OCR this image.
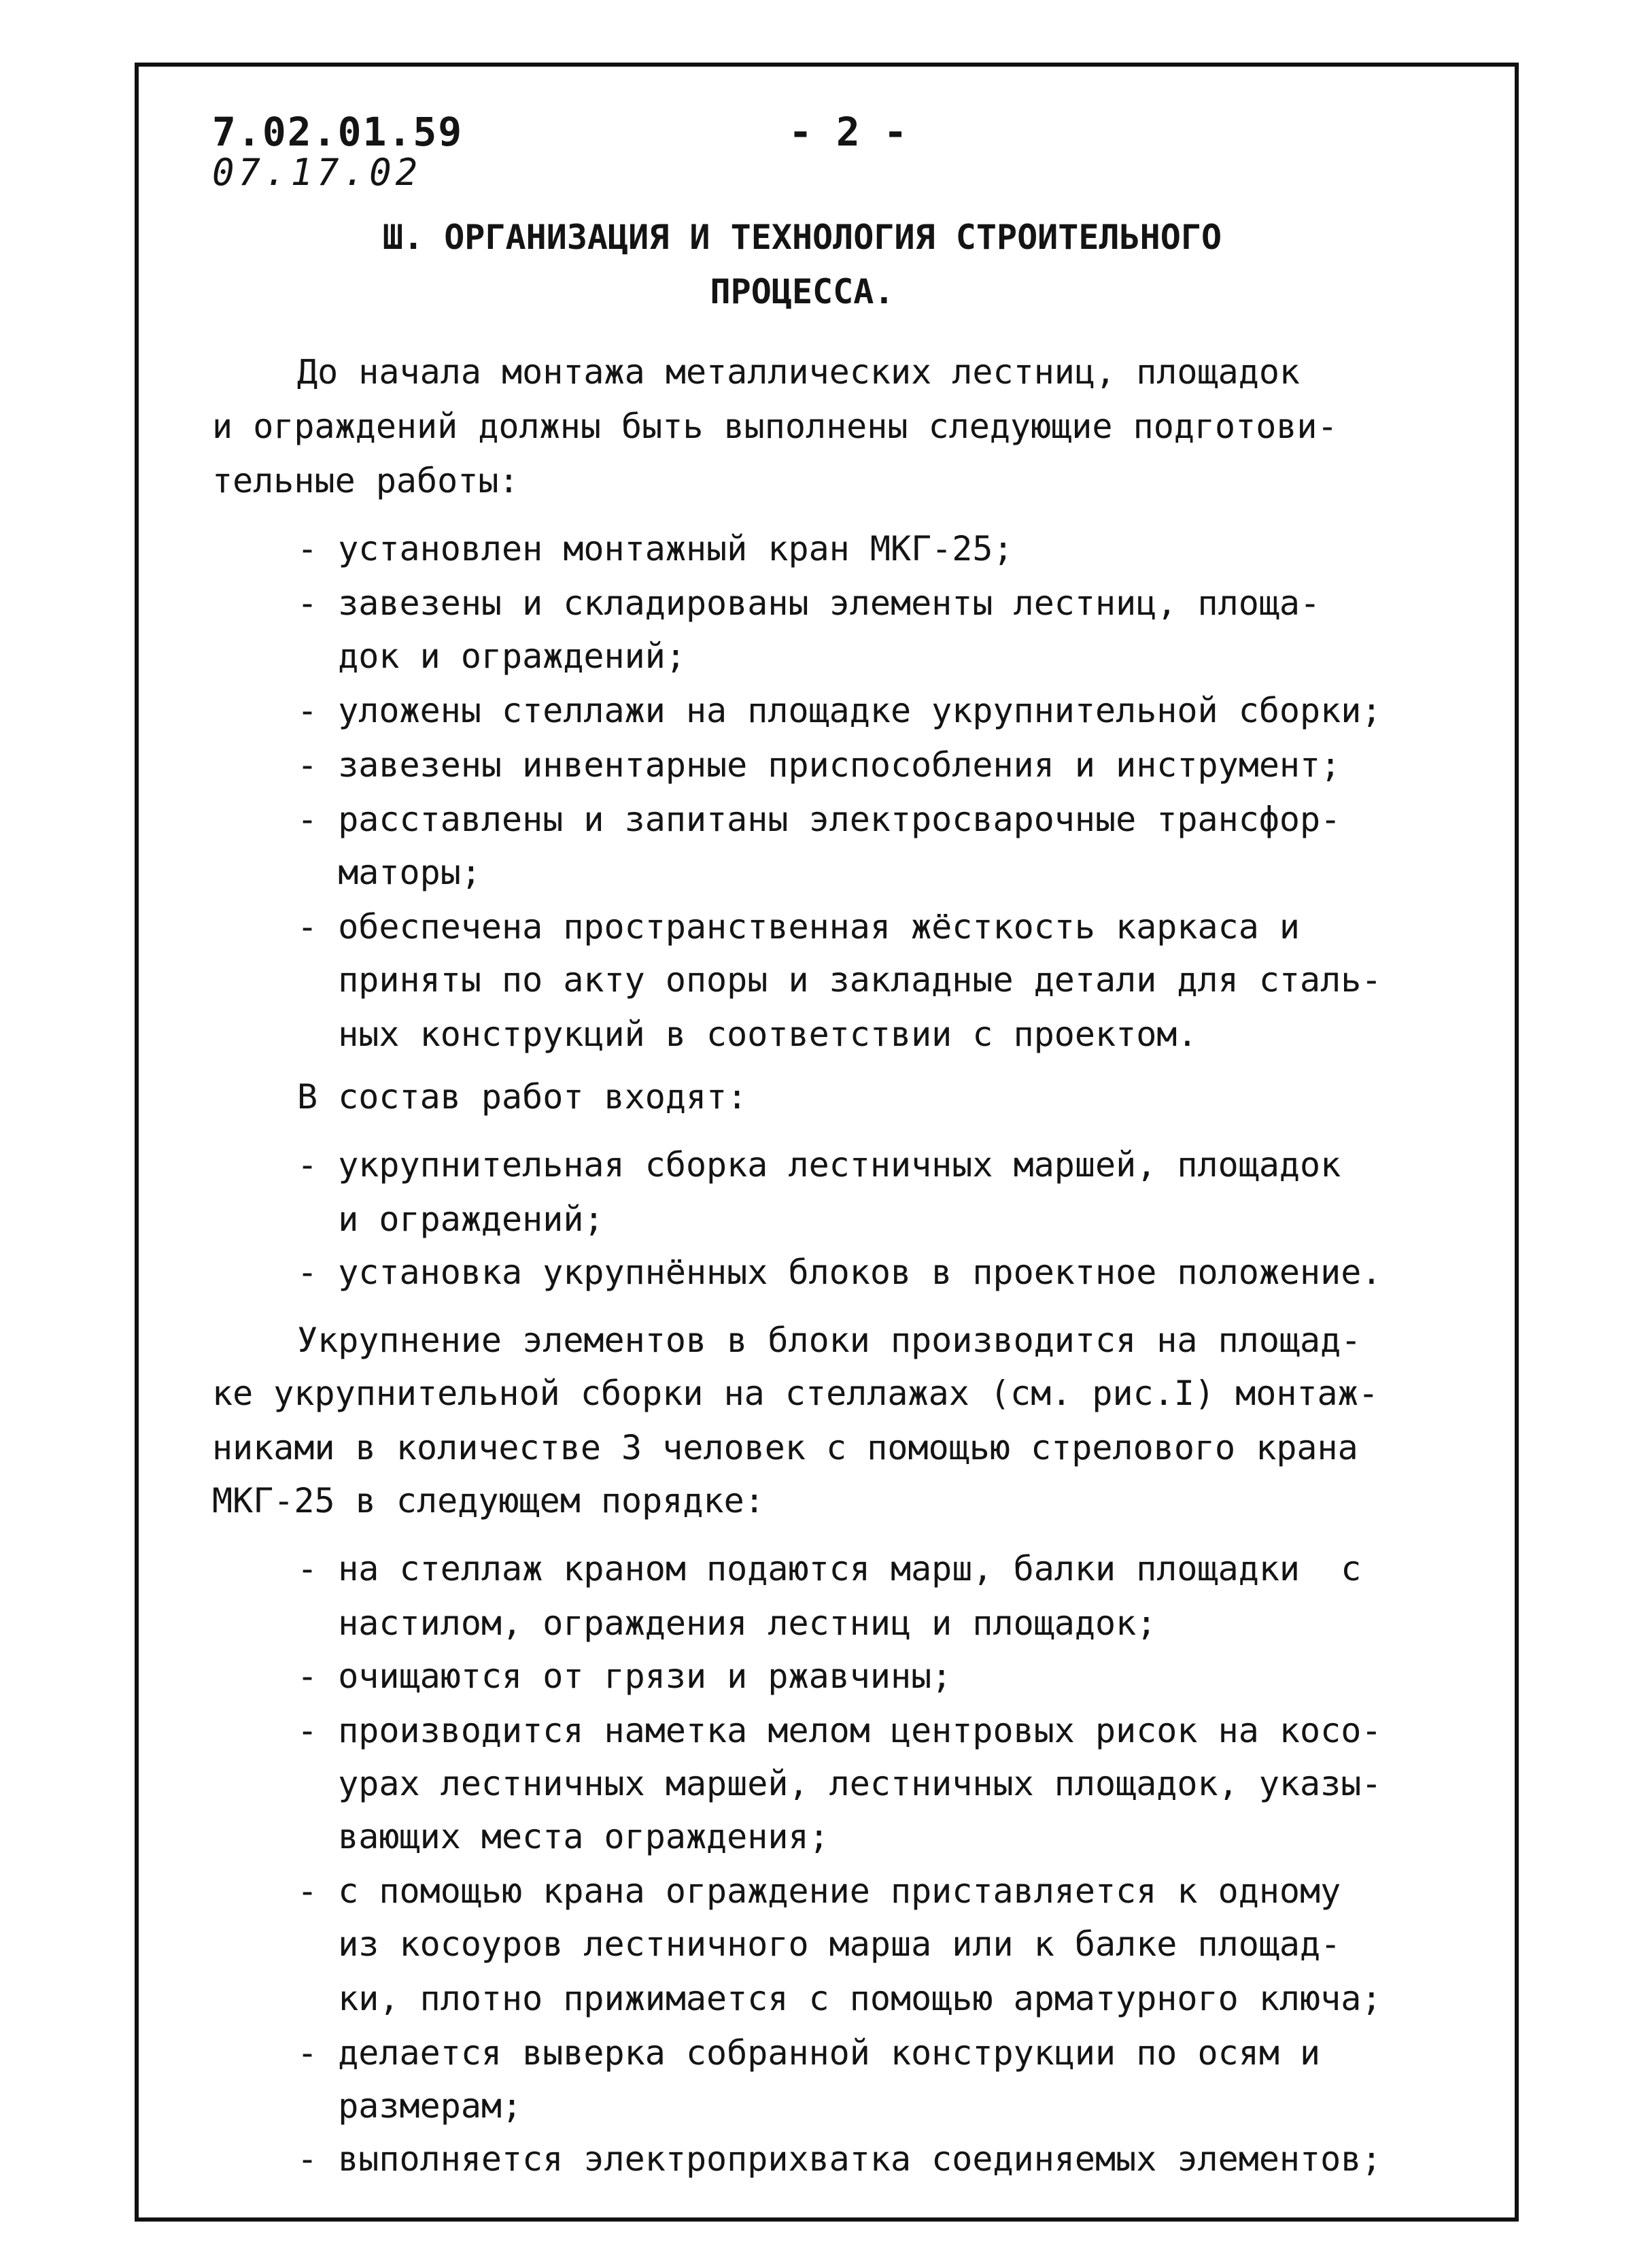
7.02.01.59
07.17.02
- 2 -
Ш. ОРГАНИЗАЦИЯ И ТЕХНОЛОГИЯ СТРОИТЕЛЬНОГО
ПРОЦЕССА.
До начала монтажа металлических лестниц, площадок
и ограждений должны быть выполнены следующие подготови-
тельные работы:
- установлен монтажный кран МКГ-25;
- завезены и складированы элементы лестниц, площа-
док и ограждений;
- уложены стеллажи на площадке укрупнительной сборки;
- завезены инвентарные приспособления и инструмент;
- расставлены и запитаны электросварочные трансфор-
маторы;
- обеспечена пространственная жёсткость каркаса и
приняты по акту опоры и закладные детали для сталь-
ных конструкций в соответствии с проектом.
В состав работ входят:
- укрупнительная сборка лестничных маршей, площадок
и ограждений;
- установка укрупнённых блоков в проектное положение.
Укрупнение элементов в блоки производится на площад-
ке укрупнительной сборки на стеллажах (см. рис.I) монтаж-
никами в количестве 3 человек с помощью стрелового крана
МКГ-25 в следующем порядке:
- на стеллаж краном подаются марш, балки площадки  с
настилом, ограждения лестниц и площадок;
- очищаются от грязи и ржавчины;
- производится наметка мелом центровых рисок на косо-
урах лестничных маршей, лестничных площадок, указы-
вающих места ограждения;
- с помощью крана ограждение приставляется к одному
из косоуров лестничного марша или к балке площад-
ки, плотно прижимается с помощью арматурного ключа;
- делается выверка собранной конструкции по осям и
размерам;
- выполняется электроприхватка соединяемых элементов;
